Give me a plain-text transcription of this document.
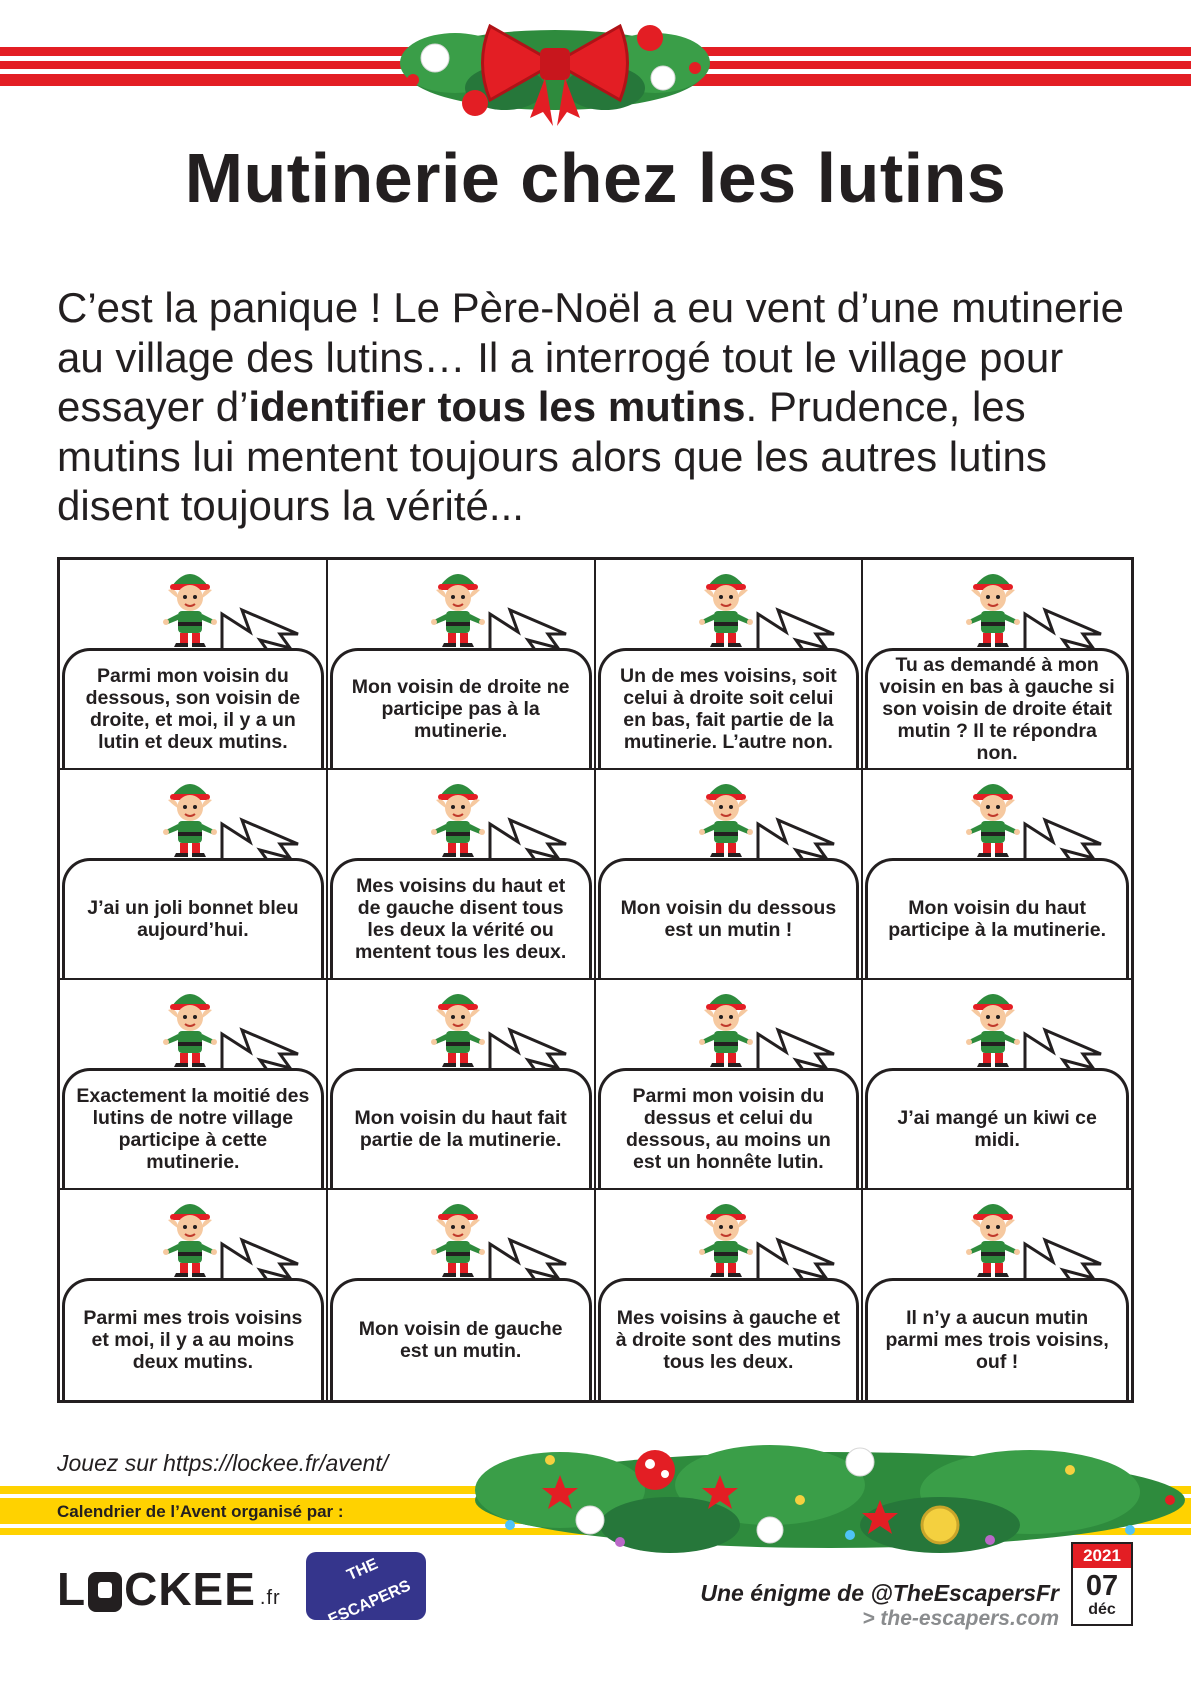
Mutinerie chez les lutins

C’est la panique ! Le Père-Noël a eu vent d’une mutinerie au village des lutins… Il a interrogé tout le village pour essayer d’identifier tous les mutins. Prudence, les mutins lui mentent toujours alors que les autres lutins disent toujours la vérité...

Parmi mon voisin du dessous, son voisin de droite, et moi, il y a un lutin et deux mutins.
Mon voisin de droite ne participe pas à la mutinerie.
Un de mes voisins, soit celui à droite soit celui en bas, fait partie de la mutinerie. L’autre non.
Tu as demandé à mon voisin en bas à gauche si son voisin de droite était mutin ? Il te répondra non.
J’ai un joli bonnet bleu aujourd’hui.
Mes voisins du haut et de gauche disent tous les deux la vérité ou mentent tous les deux.
Mon voisin du dessous est un mutin !
Mon voisin du haut participe à la mutinerie.
Exactement la moitié des lutins de notre village participe à cette mutinerie.
Mon voisin du haut fait partie de la mutinerie.
Parmi mon voisin du dessus et celui du dessous, au moins un est un honnête lutin.
J’ai mangé un kiwi ce midi.
Parmi mes trois voisins et moi, il y a au moins deux mutins.
Mon voisin de gauche est un mutin.
Mes voisins à gauche et à droite sont des mutins tous les deux.
Il n’y a aucun mutin parmi mes trois voisins, ouf !
Jouez sur https://lockee.fr/avent/
Calendrier de l’Avent organisé par :
L CKEE .fr
THE

ESCAPERS	Une énigme de @TheEscapersFr
> the-escapers.com
2021
07
déc
